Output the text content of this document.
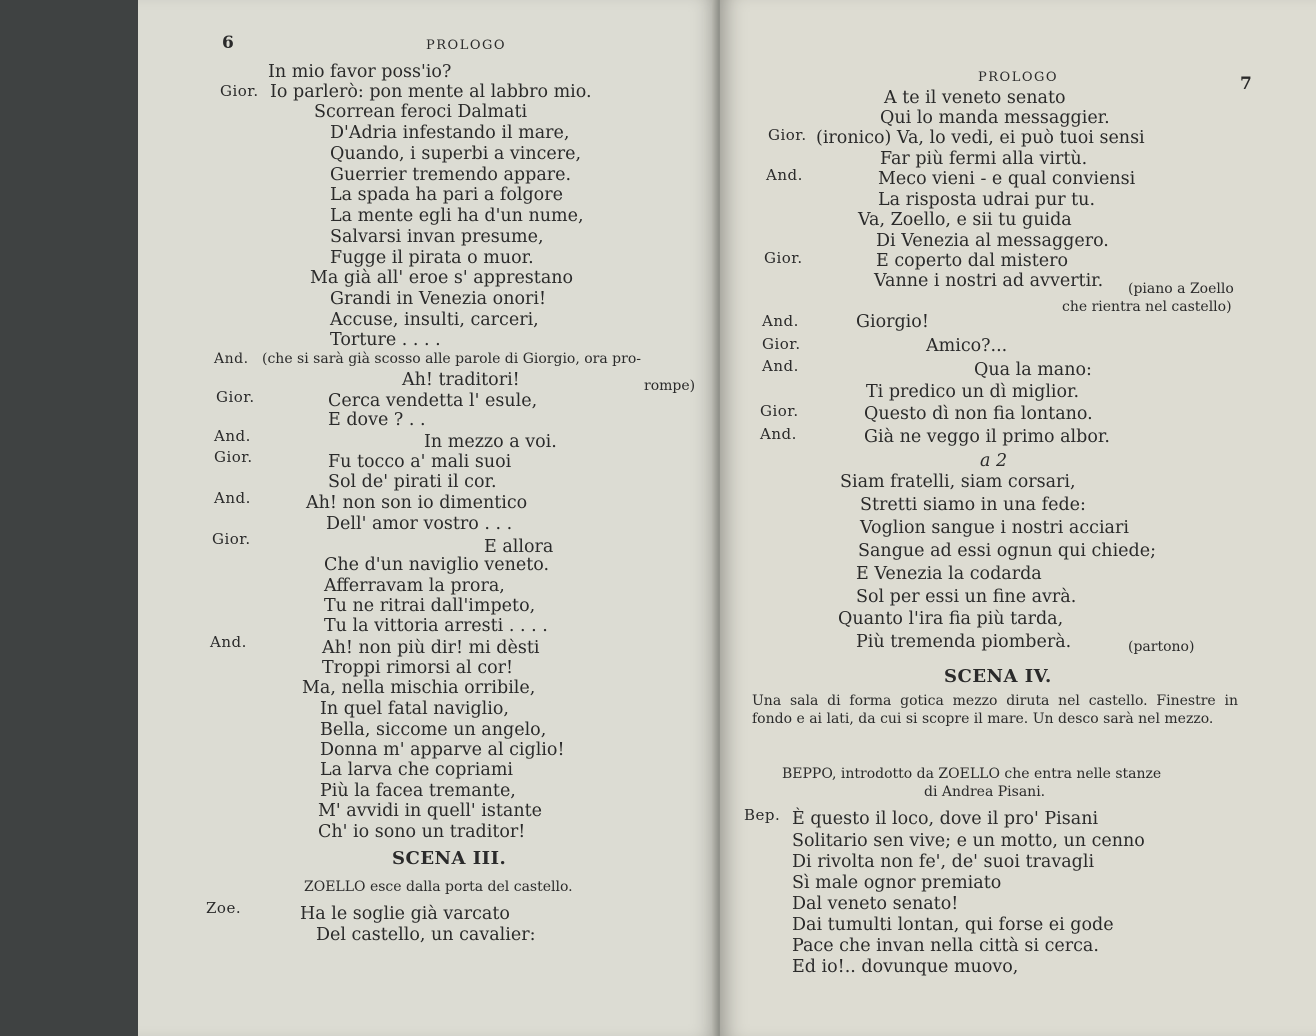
6	PROLOGO
In mio favor poss'io?
Gior. Io parlerò: pon mente al labbro mio.
Scorrean feroci Dalmati
D'Adria infestando il mare,
Quando, i superbi a vincere,
Guerrier tremendo appare.
La spada ha pari a folgore
La mente egli ha d'un nume,
Salvarsi invan presume,
Fugge il pirata o muor.
Ma già all' eroe s' apprestano
Grandi in Venezia onori!
Accuse, insulti, carceri,
Torture . . . .
And. (che si sarà già scosso alle parole di Giorgio, ora pro-
Ah! traditori!	rompe)
Gior.	Cerca vendetta l' esule,
E dove ? . .
And.	In mezzo a voi.
Gior.	Fu tocco a' mali suoi
Sol de' pirati il cor.
And.	Ah! non son io dimentico
Dell' amor vostro . . .
Gior.	E allora
Che d'un naviglio veneto.
Afferravam la prora,
Tu ne ritrai dall'impeto,
Tu la vittoria arresti . . . .
And.	Ah! non più dir! mi dèsti
Troppi rimorsi al cor!
Ma, nella mischia orribile,
In quel fatal naviglio,
Bella, siccome un angelo,
Donna m' apparve al ciglio!
La larva che copriami
Più la facea tremante,
M' avvidi in quell' istante
Ch' io sono un traditor!
SCENA III.
ZOELLO esce dalla porta del castello.
Zoe.	Ha le soglie già varcato
Del castello, un cavalier:
PROLOGO	7
A te il veneto senato
Qui lo manda messaggier.
Gior. (ironico) Va, lo vedi, ei può tuoi sensi
Far più fermi alla virtù.
And.	Meco vieni - e qual conviensi
La risposta udrai pur tu.
Va, Zoello, e sii tu guida
Di Venezia al messaggero.
Gior.	E coperto dal mistero
Vanne i nostri ad avvertir. (piano a Zoello
che rientra nel castello)
And.	Giorgio!
Gior.	Amico?...
And.	Qua la mano:
Ti predico un dì miglior.
Gior.	Questo dì non fia lontano.
And.	Già ne veggo il primo albor.
a 2
Siam fratelli, siam corsari,
Stretti siamo in una fede:
Voglion sangue i nostri acciari
Sangue ad essi ognun qui chiede;
E Venezia la codarda
Sol per essi un fine avrà.
Quanto l'ira fia più tarda,
Più tremenda piomberà.	(partono)
SCENA IV.
Una sala di forma gotica mezzo diruta nel castello. Finestre in fondo e ai lati, da cui si scopre il mare. Un desco sarà nel mezzo.
BEPPO, introdotto da ZOELLO che entra nelle stanze
di Andrea Pisani.
Bep. È questo il loco, dove il pro' Pisani
Solitario sen vive; e un motto, un cenno
Di rivolta non fe', de' suoi travagli
Sì male ognor premiato
Dal veneto senato!
Dai tumulti lontan, qui forse ei gode
Pace che invan nella città si cerca.
Ed io!.. dovunque muovo,
